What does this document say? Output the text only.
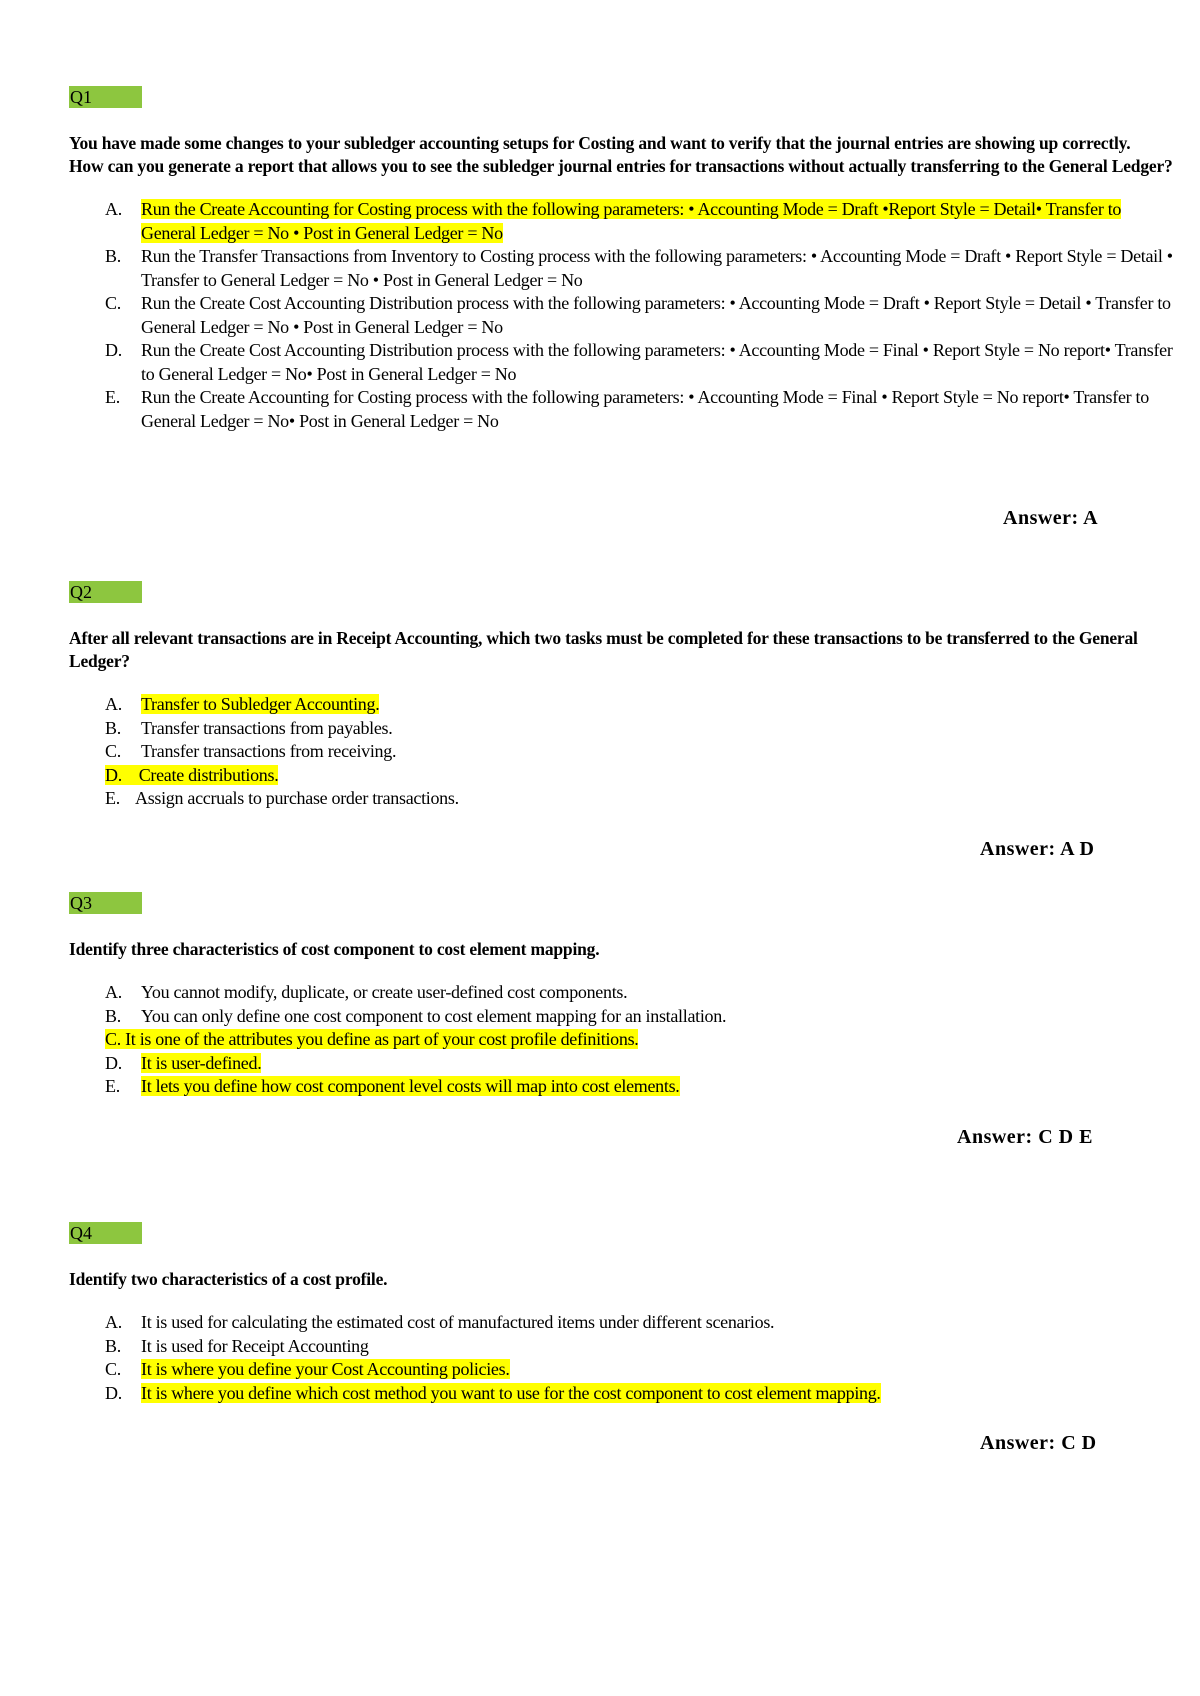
Q1
You have made some changes to your subledger accounting setups for Costing and want to verify that the journal entries are showing up correctly.
How can you generate a report that allows you to see the subledger journal entries for transactions without actually transferring to the General Ledger?
A. Run the Create Accounting for Costing process with the following parameters: • Accounting Mode = Draft •Report Style = Detail• Transfer to General Ledger = No • Post in General Ledger = No
B. Run the Transfer Transactions from Inventory to Costing process with the following parameters: • Accounting Mode = Draft • Report Style = Detail • Transfer to General Ledger = No • Post in General Ledger = No
C. Run the Create Cost Accounting Distribution process with the following parameters: • Accounting Mode = Draft • Report Style = Detail • Transfer to General Ledger = No • Post in General Ledger = No
D. Run the Create Cost Accounting Distribution process with the following parameters: • Accounting Mode = Final • Report Style = No report• Transfer to General Ledger = No• Post in General Ledger = No
E. Run the Create Accounting for Costing process with the following parameters: • Accounting Mode = Final • Report Style = No report• Transfer to General Ledger = No• Post in General Ledger = No
Answer: A
Q2
After all relevant transactions are in Receipt Accounting, which two tasks must be completed for these transactions to be transferred to the General Ledger?
A. Transfer to Subledger Accounting.
B. Transfer transactions from payables.
C. Transfer transactions from receiving.
D.    Create distributions.
E. Assign accruals to purchase order transactions.
Answer: A D
Q3
Identify three characteristics of cost component to cost element mapping.
A. You cannot modify, duplicate, or create user-defined cost components.
B. You can only define one cost component to cost element mapping for an installation.
C. It is one of the attributes you define as part of your cost profile definitions.
D. It is user-defined.
E. It lets you define how cost component level costs will map into cost elements.
Answer: C D E
Q4
Identify two characteristics of a cost profile.
A. It is used for calculating the estimated cost of manufactured items under different scenarios.
B. It is used for Receipt Accounting
C. It is where you define your Cost Accounting policies.
D. It is where you define which cost method you want to use for the cost component to cost element mapping.
Answer: C D
